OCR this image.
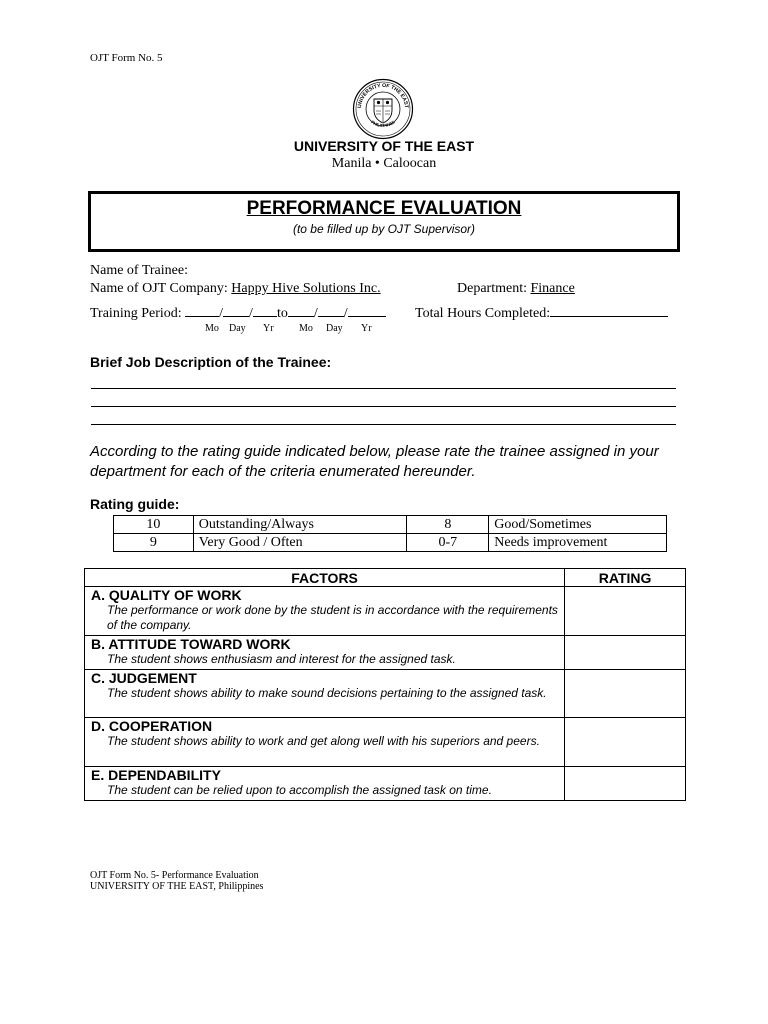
OJT Form No. 5
UNIVERSITY OF THE EAST
PHILIPPINES
UNIVERSITY OF THE EAST
Manila • Caloocan
PERFORMANCE EVALUATION
(to be filled up by OJT Supervisor)
Name of Trainee:
Name of OJT Company: Happy Hive Solutions Inc.	Department: Finance
Training Period:	/ / to / /
Mo Day Yr	Mo Day Yr
Total Hours Completed:
Brief Job Description of the Trainee:
According to the rating guide indicated below, please rate the trainee assigned in your department for each of the criteria enumerated hereunder.
Rating guide:
10	Outstanding/Always	8	Good/Sometimes
9	Very Good / Often	0-7	Needs improvement
FACTORS	RATING

A. QUALITY OF WORK
The performance or work done by the student is in accordance with the requirements of the company.	

B. ATTITUDE TOWARD WORK
The student shows enthusiasm and interest for the assigned task.	

C. JUDGEMENT
The student shows ability to make sound decisions pertaining to the assigned task.	

D. COOPERATION
The student shows ability to work and get along well with his superiors and peers.	

E. DEPENDABILITY
The student can be relied upon to accomplish the assigned task on time.	

OJT Form No. 5- Performance Evaluation
UNIVERSITY OF THE EAST, Philippines
